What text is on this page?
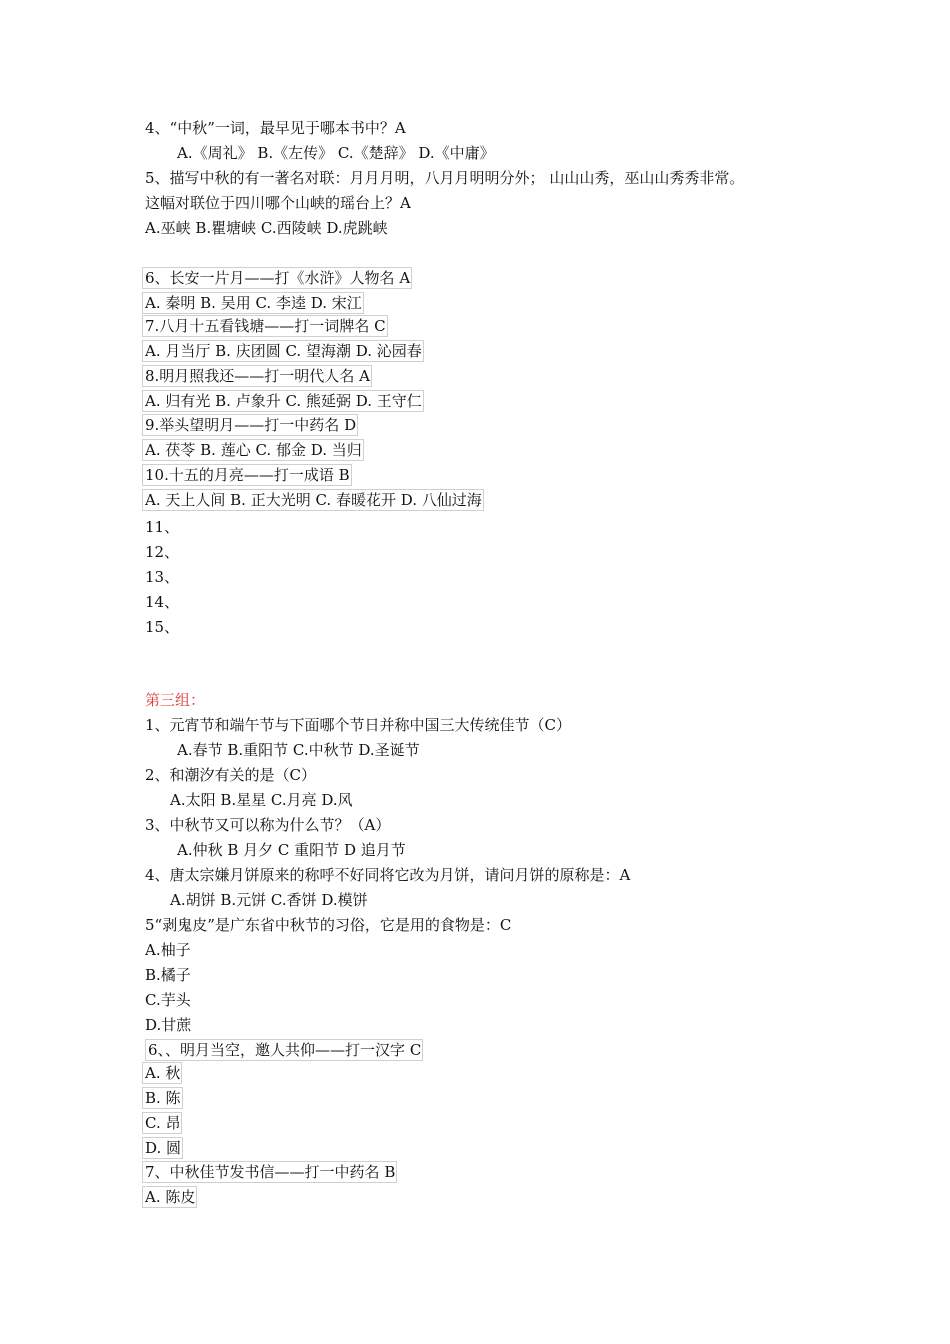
4、“中秋”一词，最早见于哪本书中？A
A.《周礼》 B.《左传》 C.《楚辞》 D.《中庸》
5、描写中秋的有一著名对联：月月月明，八月月明明分外； 山山山秀，巫山山秀秀非常。
这幅对联位于四川哪个山峡的瑶台上？A
A.巫峡 B.瞿塘峡 C.西陵峡 D.虎跳峡
6、长安一片月——打《水浒》人物名 A
A. 秦明 B. 吴用 C. 李逵 D. 宋江
7.八月十五看钱塘——打一词牌名 C
A. 月当厅 B. 庆团圆 C. 望海潮 D. 沁园春
8.明月照我还——打一明代人名 A
A. 归有光 B. 卢象升 C. 熊延弼 D. 王守仁
9.举头望明月——打一中药名 D
A. 茯苓 B. 莲心 C. 郁金 D. 当归
10.十五的月亮——打一成语 B
A. 天上人间 B. 正大光明 C. 春暖花开 D. 八仙过海
11、
12、
13、
14、
15、
第三组：
1、元宵节和端午节与下面哪个节日并称中国三大传统佳节（C）
A.春节 B.重阳节 C.中秋节 D.圣诞节
2、和潮汐有关的是（C）
A.太阳 B.星星 C.月亮 D.风
3、中秋节又可以称为什么节？（A）
A.仲秋 B 月夕 C 重阳节 D 追月节
4、唐太宗嫌月饼原来的称呼不好同将它改为月饼，请问月饼的原称是：A
A.胡饼 B.元饼 C.香饼 D.模饼
5“剥鬼皮”是广东省中秋节的习俗，它是用的食物是：C
A.柚子
B.橘子
C.芋头
D.甘蔗
6、、明月当空，邀人共仰——打一汉字 C
A. 秋
B. 陈
C. 昂
D. 圆
7、中秋佳节发书信——打一中药名 B
A. 陈皮
